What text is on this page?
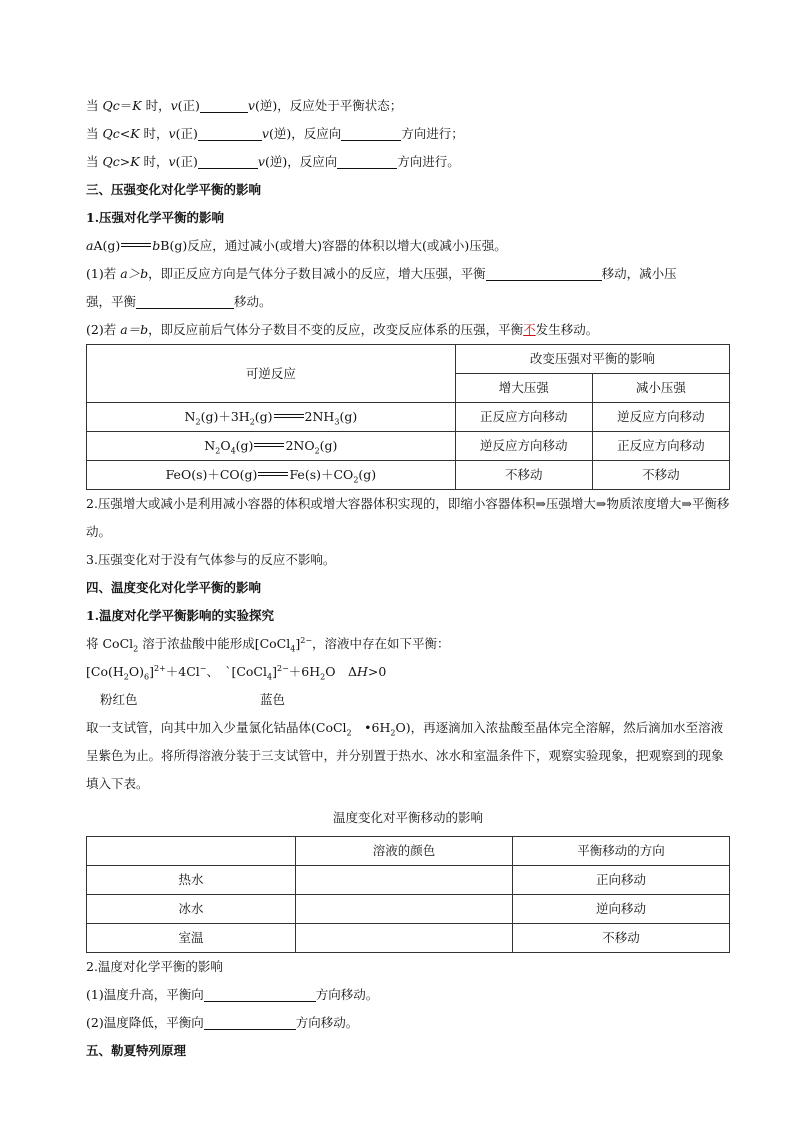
当 Qc＝K 时，v(正)	v(逆)，反应处于平衡状态；
当 Qc<K 时，v(正)	v(逆)，反应向	方向进行；
当 Qc>K 时，v(正)	v(逆)，反应向	方向进行。
三、压强变化对化学平衡的影响
1.压强对化学平衡的影响
aA(g)	bB(g)反应，通过减小(或增大)容器的体积以增大(或减小)压强。
(1)若 a＞b，即正反应方向是气体分子数目减小的反应，增大压强，平衡	移动，减小压
强，平衡	移动。
(2)若 a＝b，即反应前后气体分子数目不变的反应，改变反应体系的压强，平衡不发生移动。
可逆反应	改变压强对平衡的影响	
	增大压强	减小压强
$N_2(g)+3H_2(g)$ $2NH_3(g)$	正反应方向移动	逆反应方向移动
$N_2O_4(g)$ $2NO_2(g)$	逆反应方向移动	正反应方向移动
FeO(s)＋CO(g) $Fe(s)+CO_2(g)$	不移动	不移动
2.压强增大或减小是利用减小容器的体积或增大容器体积实现的，即缩小容器体积⇒压强增大⇒物质浓度增大⇒平衡移动。
3.压强变化对于没有气体参与的反应不影响。
四、温度变化对化学平衡的影响
1.温度对化学平衡影响的实验探究
将 CoCl$_2$ 溶于浓盐酸中能形成[CoCl$_4$]$^{2-}$，溶液中存在如下平衡：
$[Co(H_2O)_6]^{2+}+4Cl^-$、　$`[CoCl_4]^{2-}+6H_2O$　ΔH>0
粉红色	蓝色
取一支试管，向其中加入少量氯化钴晶体(CoCl$_2$　$•6H_2O$)，再逐滴加入浓盐酸至晶体完全溶解，然后滴加水至溶液呈紫色为止。将所得溶液分装于三支试管中，并分别置于热水、冰水和室温条件下，观察实验现象，把观察到的现象填入下表。
温度变化对平衡移动的影响
	溶液的颜色	平衡移动的方向
热水		正向移动
冰水		逆向移动
室温		不移动
2.温度对化学平衡的影响
(1)温度升高，平衡向	方向移动。
(2)温度降低，平衡向	方向移动。
五、勒夏特列原理
